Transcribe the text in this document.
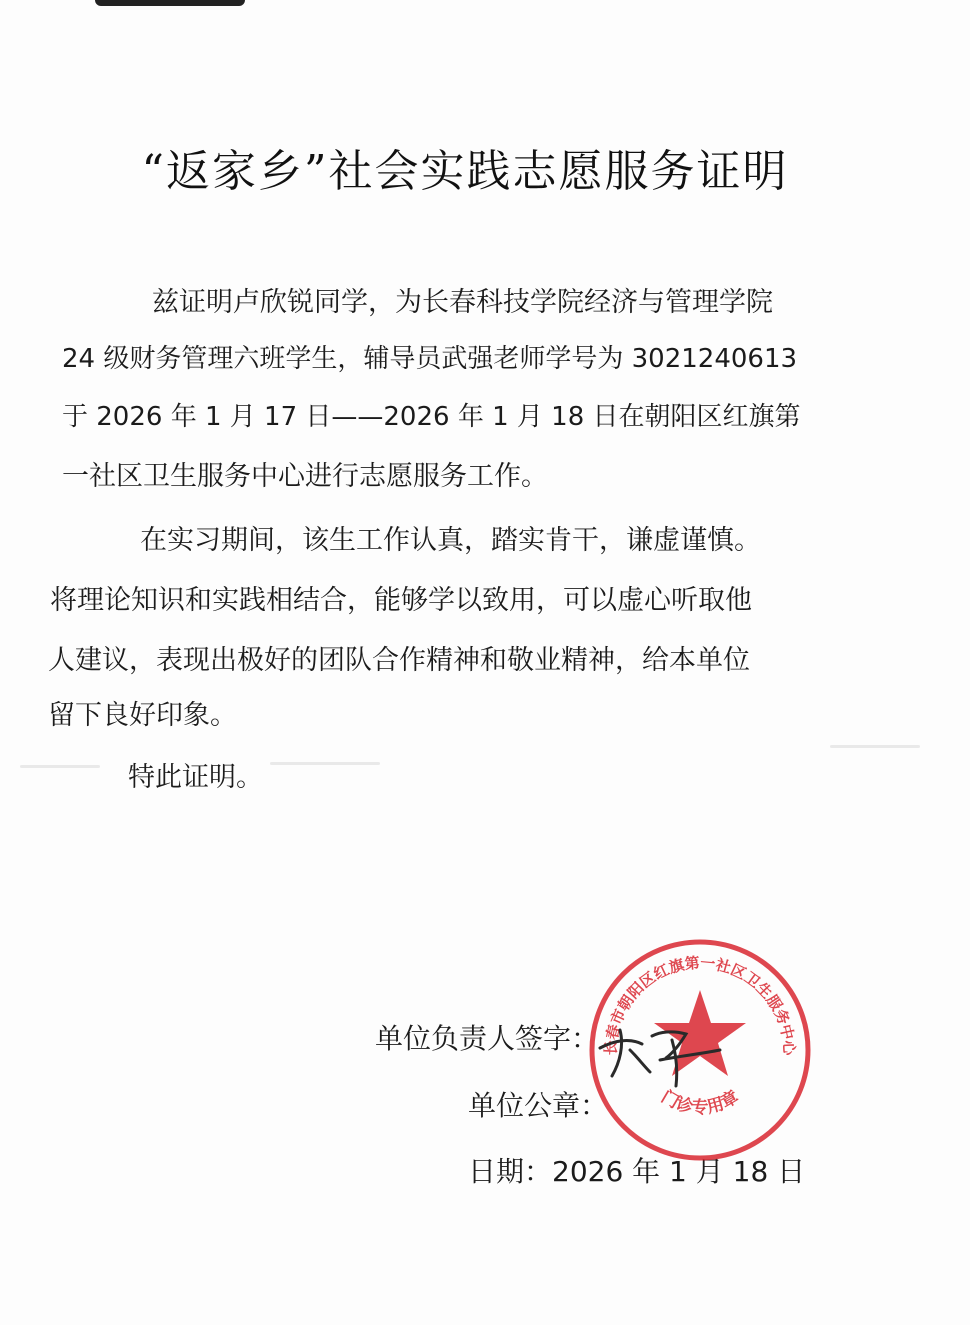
“返家乡”社会实践志愿服务证明
兹证明卢欣锐同学，为长春科技学院经济与管理学院
24 级财务管理六班学生，辅导员武强老师学号为 3021240613
于 2026 年 1 月 17 日——2026 年 1 月 18 日在朝阳区红旗第
一社区卫生服务中心进行志愿服务工作。
在实习期间，该生工作认真，踏实肯干，谦虚谨慎。
将理论知识和实践相结合，能够学以致用，可以虚心听取他
人建议，表现出极好的团队合作精神和敬业精神，给本单位
留下良好印象。
特此证明。
单位负责人签字：
单位公章：
日期：2026 年 1 月 18 日
长春市朝阳区红旗第一社区卫生服务中心
门诊专用章
